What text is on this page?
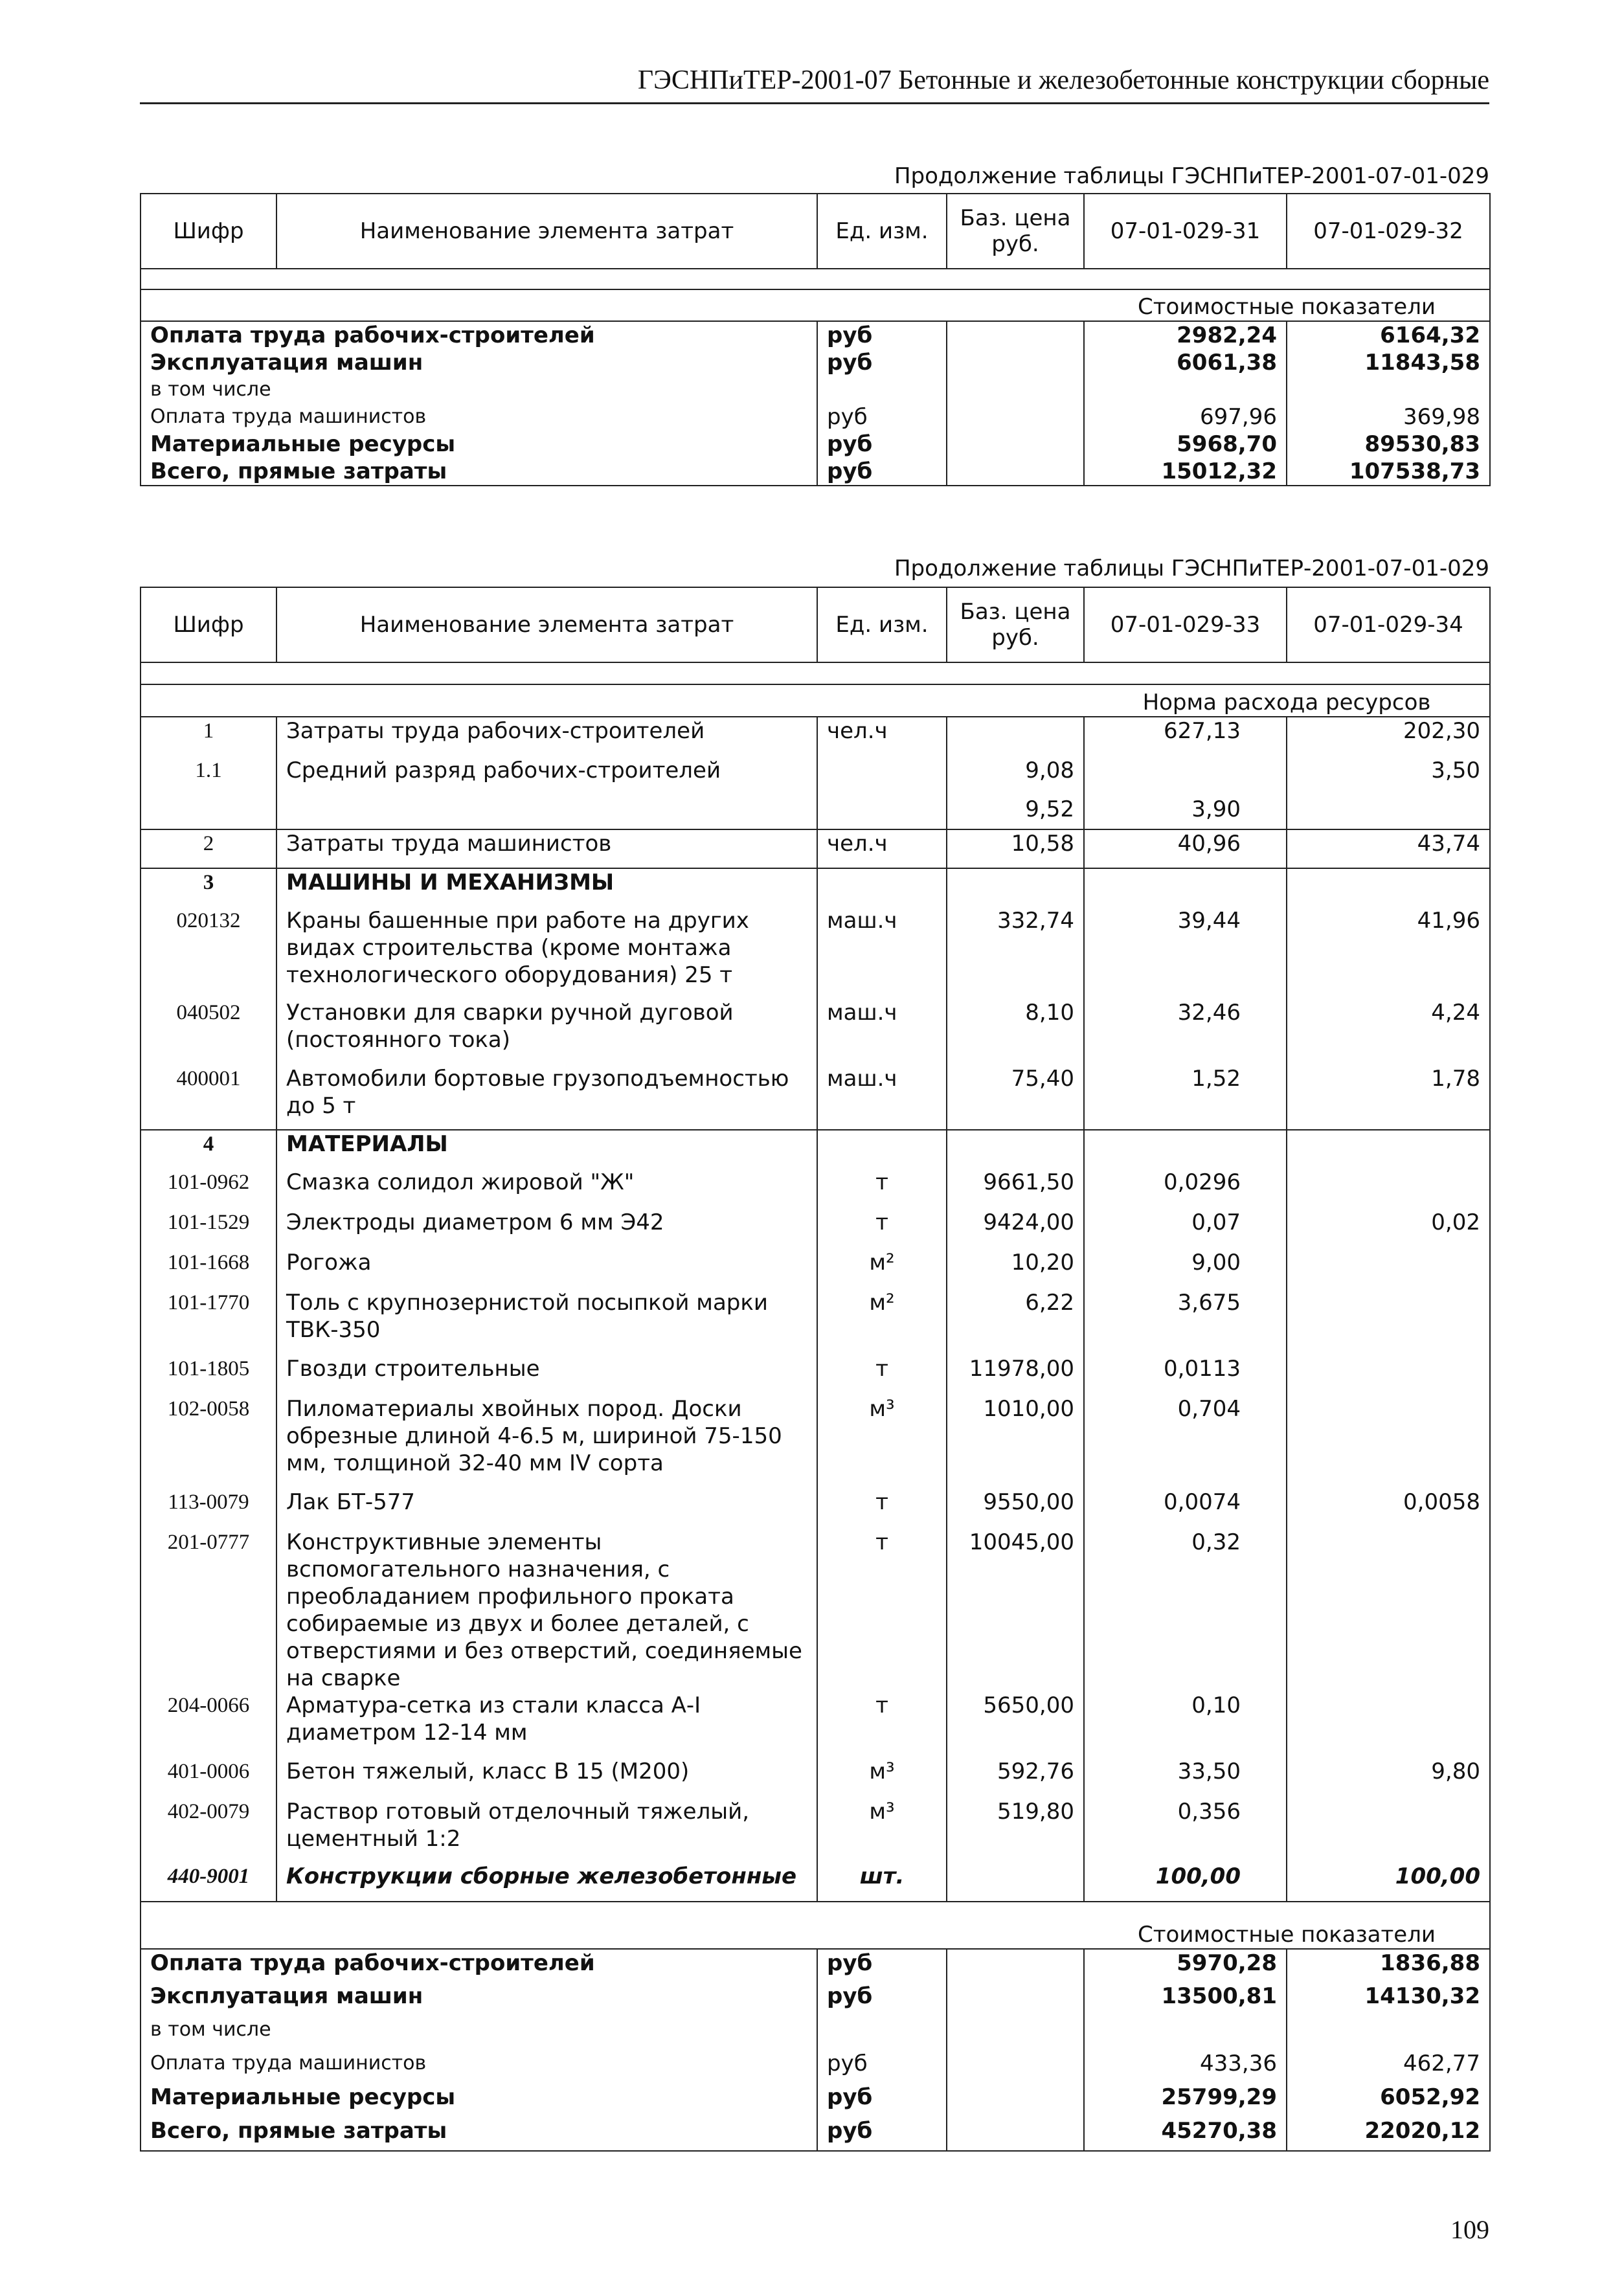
ГЭСНПиТЕР-2001-07 Бетонные и железобетонные конструкции сборные
Продолжение таблицы ГЭСНПиТЕР-2001-07-01-029
Шифр	Наименование элемента затрат	Ед. изм.	Баз. цена руб.	07-01-029-31	07-01-029-32

				Стоимостные показатели	
Оплата труда рабочих-строителей	руб		2982,24	6164,32
Эксплуатация машин	руб		6061,38	11843,58
в том числе				
Оплата труда машинистов	руб		697,96	369,98
Материальные ресурсы	руб		5968,70	89530,83
Всего, прямые затраты	руб		15012,32	107538,73
Продолжение таблицы ГЭСНПиТЕР-2001-07-01-029
Шифр	Наименование элемента затрат	Ед. изм.	Баз. цена руб.	07-01-029-33	07-01-029-34

				Норма расхода ресурсов	
1	Затраты труда рабочих-строителей	чел.ч		627,13	202,30
1.1	Средний разряд рабочих-строителей		9,08		3,50
			9,52	3,90	
2	Затраты труда машинистов	чел.ч	10,58	40,96	43,74
3	МАШИНЫ И МЕХАНИЗМЫ				
020132	Краны башенные при работе на других видах строительства (кроме монтажа технологического оборудования) 25 т	маш.ч	332,74	39,44	41,96
040502	Установки для сварки ручной дуговой (постоянного тока)	маш.ч	8,10	32,46	4,24
400001	Автомобили бортовые грузоподъемностью до 5 т	маш.ч	75,40	1,52	1,78
4	МАТЕРИАЛЫ				
101-0962	Смазка солидол жировой "Ж"	т	9661,50	0,0296	
101-1529	Электроды диаметром 6 мм Э42	т	9424,00	0,07	0,02
101-1668	Рогожа	м²	10,20	9,00	
101-1770	Толь с крупнозернистой посыпкой марки ТВК-350	м²	6,22	3,675	
101-1805	Гвозди строительные	т	11978,00	0,0113	
102-0058	Пиломатериалы хвойных пород. Доски обрезные длиной 4-6.5 м, шириной 75-150 мм, толщиной 32-40 мм IV сорта	м³	1010,00	0,704	
113-0079	Лак БТ-577	т	9550,00	0,0074	0,0058
201-0777	Конструктивные элементы вспомогательного назначения, с преобладанием профильного проката собираемые из двух и более деталей, с отверстиями и без отверстий, соединяемые на сварке	т	10045,00	0,32	
204-0066	Арматура-сетка из стали класса А-I диаметром 12-14 мм	т	5650,00	0,10	
401-0006	Бетон тяжелый, класс В 15 (М200)	м³	592,76	33,50	9,80
402-0079	Раствор готовый отделочный тяжелый, цементный 1:2	м³	519,80	0,356	
440-9001	Конструкции сборные железобетонные	шт.		100,00	100,00
				Стоимостные показатели	
Оплата труда рабочих-строителей	руб		5970,28	1836,88
Эксплуатация машин	руб		13500,81	14130,32
в том числе				
Оплата труда машинистов	руб		433,36	462,77
Материальные ресурсы	руб		25799,29	6052,92
Всего, прямые затраты	руб		45270,38	22020,12
109
